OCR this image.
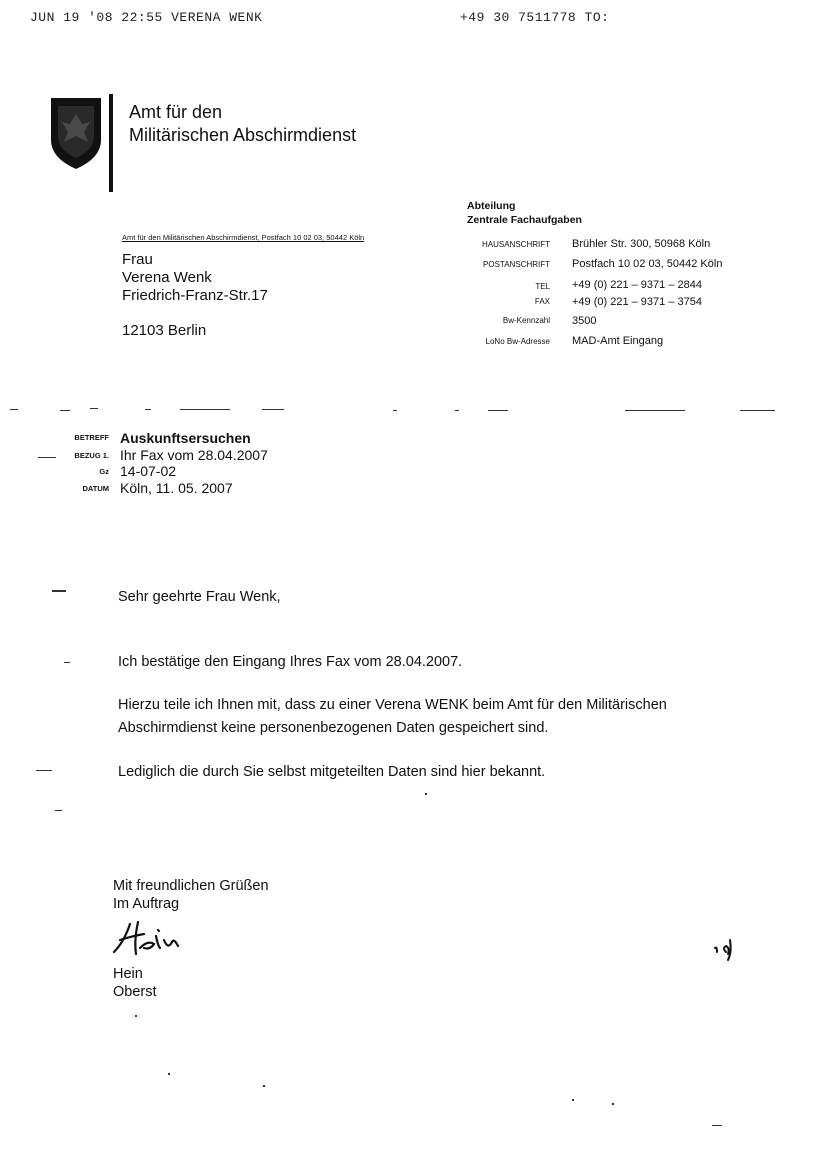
JUN 19 '08 22:55 VERENA WENK	+49 30 7511778 TO:
Amt für den
Militärischen Abschirmdienst
Amt für den Militärischen Abschirmdienst, Postfach 10 02 03, 50442 Köln
Frau
Verena Wenk
Friedrich-Franz-Str.17
12103 Berlin
Abteilung
Zentrale Fachaufgaben
HAUSANSCHRIFT Brühler Str. 300, 50968 Köln
POSTANSCHRIFT Postfach 10 02 03, 50442 Köln
TEL +49 (0) 221 – 9371 – 2844
FAX +49 (0) 221 – 9371 – 3754
Bw-Kennzahl 3500
LoNo Bw-Adresse MAD-Amt Eingang
BETREFF Auskunftsersuchen
BEZUG 1. Ihr Fax vom 28.04.2007
Gz 14-07-02
DATUM Köln, 11. 05. 2007
Sehr geehrte Frau Wenk,
Ich bestätige den Eingang Ihres Fax vom 28.04.2007.
Hierzu teile ich Ihnen mit, dass zu einer Verena WENK beim Amt für den Militärischen
Abschirmdienst keine personenbezogenen Daten gespeichert sind.
Lediglich die durch Sie selbst mitgeteilten Daten sind hier bekannt.
Mit freundlichen Grüßen
Im Auftrag
Hein
Oberst
